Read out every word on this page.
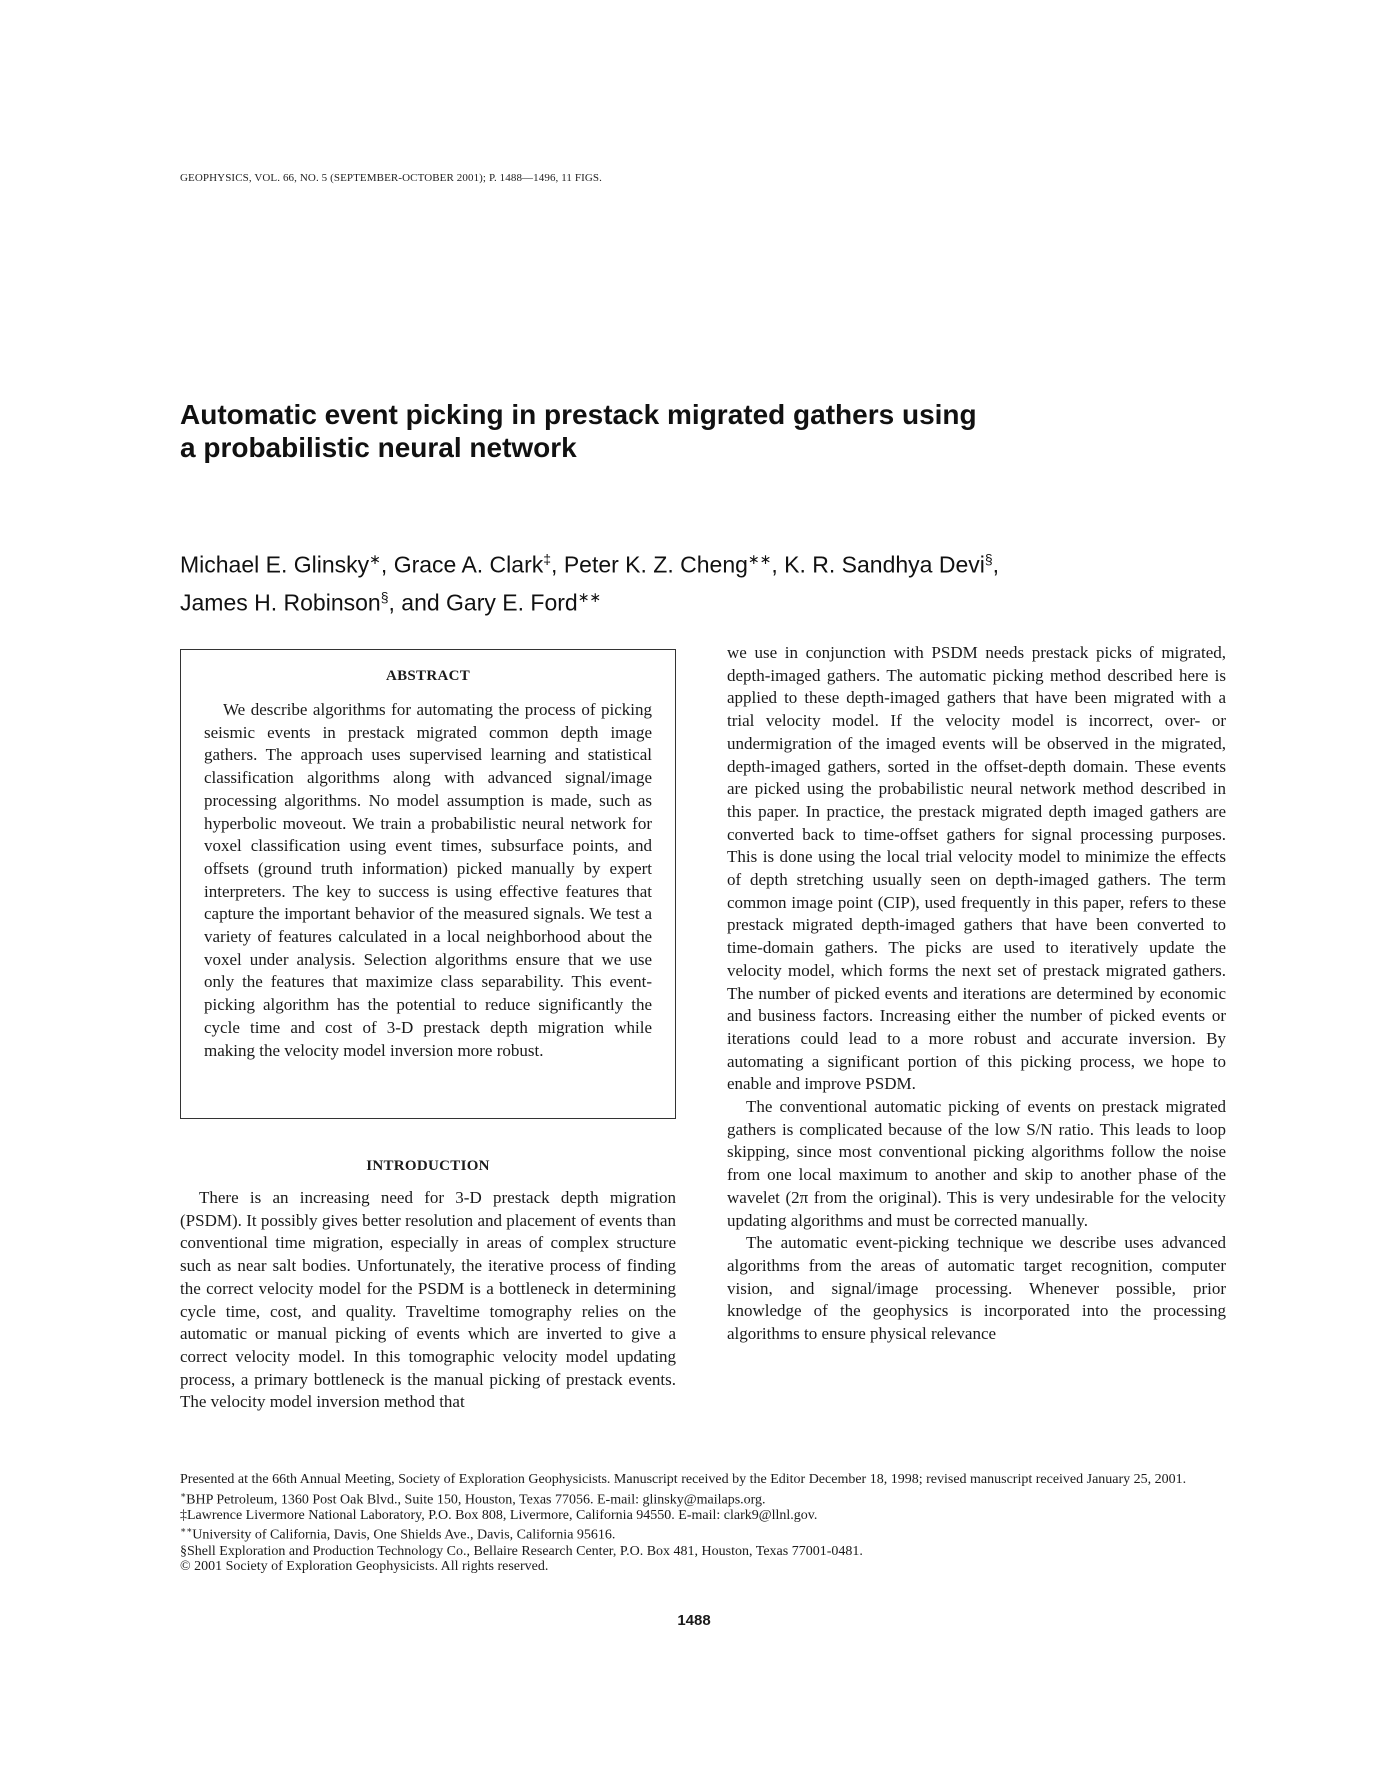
GEOPHYSICS, VOL. 66, NO. 5 (SEPTEMBER-OCTOBER 2001); P. 1488—1496, 11 FIGS.
Automatic event picking in prestack migrated gathers using
a probabilistic neural network
Michael E. Glinsky∗, Grace A. Clark‡, Peter K. Z. Cheng∗∗, K. R. Sandhya Devi§,
James H. Robinson§, and Gary E. Ford∗∗
ABSTRACT
We describe algorithms for automating the process of picking seismic events in prestack migrated common depth image gathers. The approach uses supervised learning and statistical classification algorithms along with advanced signal/image processing algorithms. No model assumption is made, such as hyperbolic moveout. We train a probabilistic neural network for voxel classification using event times, subsurface points, and offsets (ground truth information) picked manually by expert interpreters. The key to success is using effective features that capture the important behavior of the measured signals. We test a variety of features calculated in a local neighborhood about the voxel under analysis. Selection algorithms ensure that we use only the features that maximize class separability. This event-picking algorithm has the potential to reduce significantly the cycle time and cost of 3-D prestack depth migration while making the velocity model inversion more robust.
INTRODUCTION
There is an increasing need for 3-D prestack depth migration (PSDM). It possibly gives better resolution and placement of events than conventional time migration, especially in areas of complex structure such as near salt bodies. Unfortunately, the iterative process of finding the correct velocity model for the PSDM is a bottleneck in determining cycle time, cost, and quality. Traveltime tomography relies on the automatic or manual picking of events which are inverted to give a correct velocity model. In this tomographic velocity model updating process, a primary bottleneck is the manual picking of prestack events. The velocity model inversion method that

we use in conjunction with PSDM needs prestack picks of migrated, depth-imaged gathers. The automatic picking method described here is applied to these depth-imaged gathers that have been migrated with a trial velocity model. If the velocity model is incorrect, over- or undermigration of the imaged events will be observed in the migrated, depth-imaged gathers, sorted in the offset-depth domain. These events are picked using the probabilistic neural network method described in this paper. In practice, the prestack migrated depth imaged gathers are converted back to time-offset gathers for signal processing purposes. This is done using the local trial velocity model to minimize the effects of depth stretching usually seen on depth-imaged gathers. The term common image point (CIP), used frequently in this paper, refers to these prestack migrated depth-imaged gathers that have been converted to time-domain gathers. The picks are used to iteratively update the velocity model, which forms the next set of prestack migrated gathers. The number of picked events and iterations are determined by economic and business factors. Increasing either the number of picked events or iterations could lead to a more robust and accurate inversion. By automating a significant portion of this picking process, we hope to enable and improve PSDM.

The conventional automatic picking of events on prestack migrated gathers is complicated because of the low S/N ratio. This leads to loop skipping, since most conventional picking algorithms follow the noise from one local maximum to another and skip to another phase of the wavelet (2π from the original). This is very undesirable for the velocity updating algorithms and must be corrected manually.

The automatic event-picking technique we describe uses advanced algorithms from the areas of automatic target recognition, computer vision, and signal/image processing. Whenever possible, prior knowledge of the geophysics is incorporated into the processing algorithms to ensure physical relevance

Presented at the 66th Annual Meeting, Society of Exploration Geophysicists. Manuscript received by the Editor December 18, 1998; revised manuscript received January 25, 2001.
∗BHP Petroleum, 1360 Post Oak Blvd., Suite 150, Houston, Texas 77056. E-mail: glinsky@mailaps.org.
‡Lawrence Livermore National Laboratory, P.O. Box 808, Livermore, California 94550. E-mail: clark9@llnl.gov.
∗∗University of California, Davis, One Shields Ave., Davis, California 95616.
§Shell Exploration and Production Technology Co., Bellaire Research Center, P.O. Box 481, Houston, Texas 77001-0481.
© 2001 Society of Exploration Geophysicists. All rights reserved.
1488
